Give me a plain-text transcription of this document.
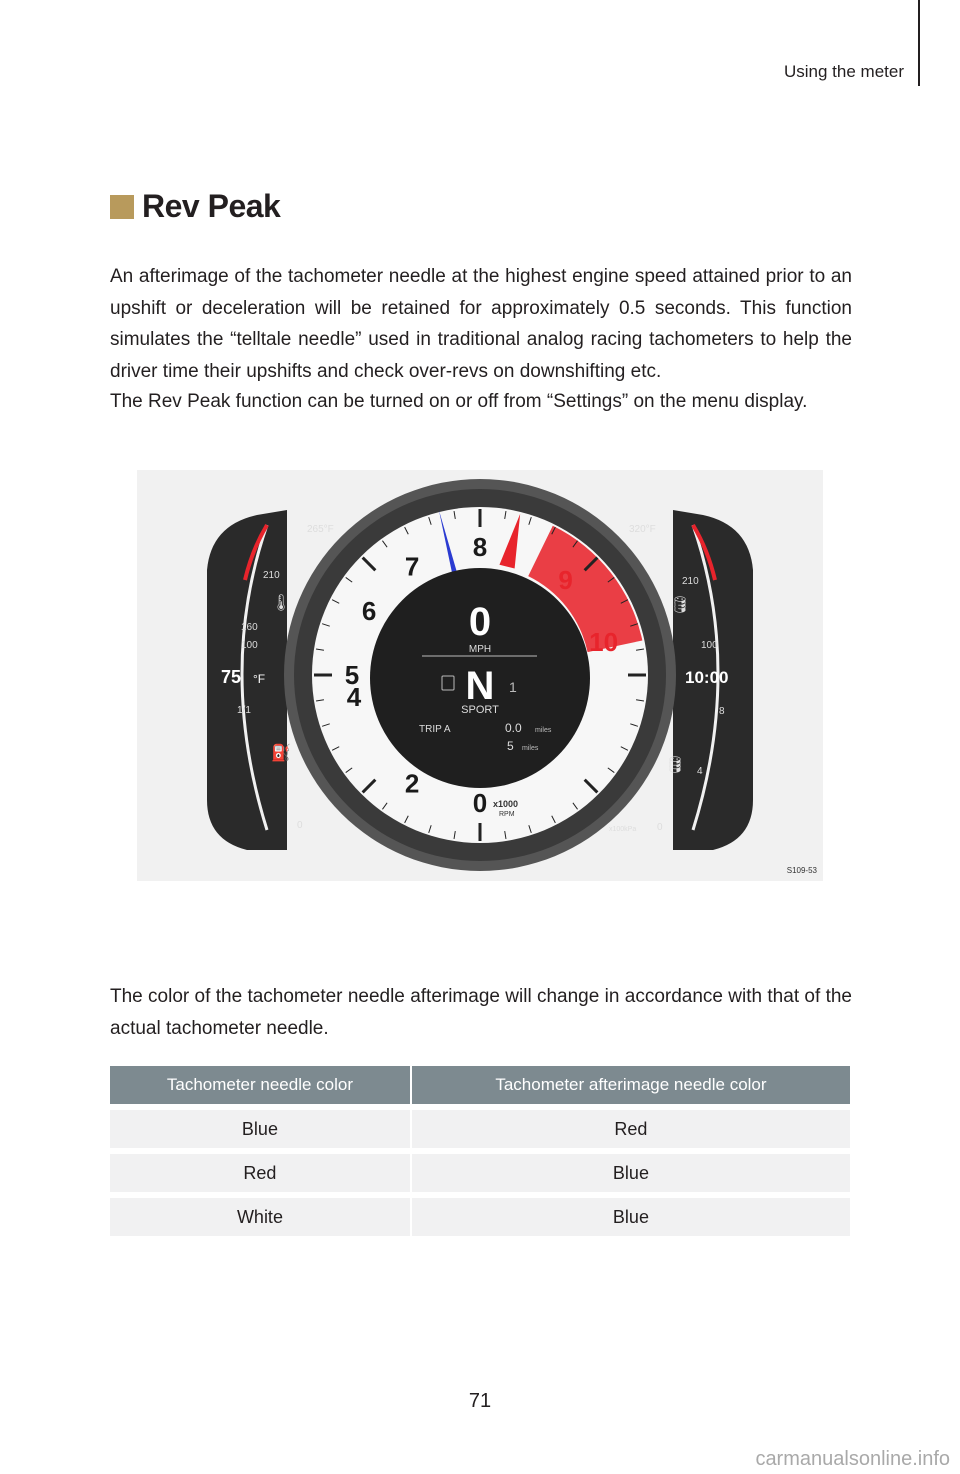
Using the meter
Rev Peak

An afterimage of the tachometer needle at the highest engine speed attained prior to an upshift or deceleration will be retained for approximately 0.5 seconds. This function simulates the “telltale needle” used in traditional analog racing tachometers to help the driver time their upshifts and check over-revs on downshifting etc.

The Rev Peak function can be turned on or off from “Settings” on the menu display.

265°F
210
160
100
75 °F
1/1
0
🌡
⛽
320°F
210
100
10:00
8
4
0
x100kPa
🛢
🛢
0
2
4
5
6
7
8
9
10
0
MPH
N 1
SPORT
TRIP A	0.0 miles
5 miles
x1000
RPM
S109-53

The color of the tachometer needle afterimage will change in accordance with that of the actual tachometer needle.

Tachometer needle color	Tachometer afterimage needle color
Blue	Red
Red	Blue
White	Blue
71
carmanualsonline.info
